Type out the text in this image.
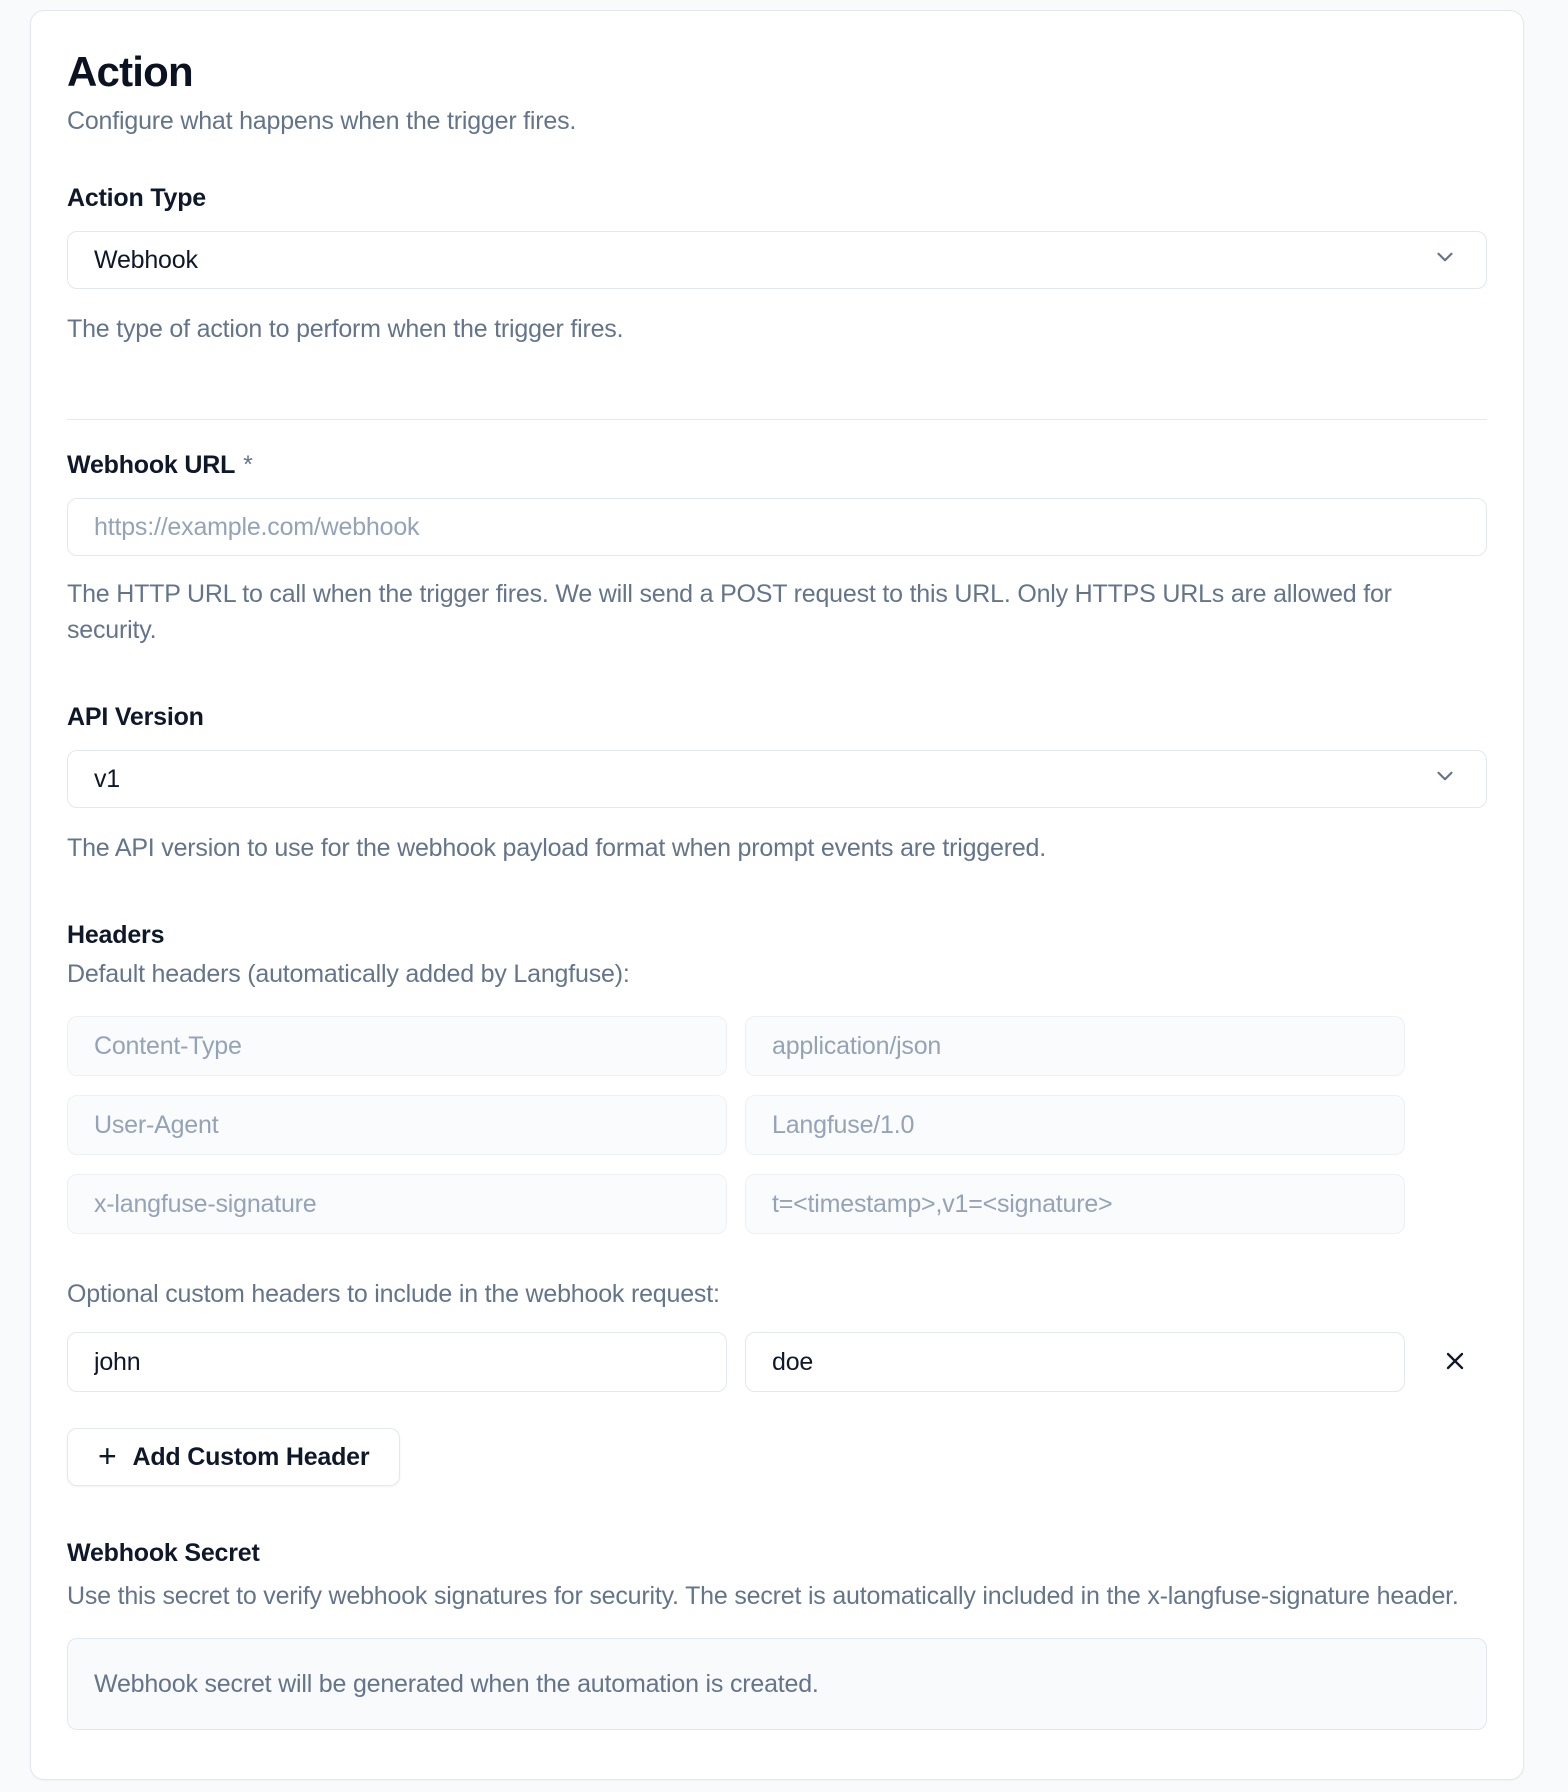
Action

Configure what happens when the trigger fires.

Action Type
Webhook

The type of action to perform when the trigger fires.

Webhook URL *
https://example.com/webhook

The HTTP URL to call when the trigger fires. We will send a POST request to this URL. Only HTTPS URLs are allowed for security.

API Version
v1

The API version to use for the webhook payload format when prompt events are triggered.

Headers

Default headers (automatically added by Langfuse):

Content-Type
application/json
User-Agent
Langfuse/1.0
x-langfuse-signature
t=<timestamp>,v1=<signature>

Optional custom headers to include in the webhook request:

john
doe
+ Add Custom Header
Webhook Secret

Use this secret to verify webhook signatures for security. The secret is automatically included in the x-langfuse-signature header.

Webhook secret will be generated when the automation is created.
